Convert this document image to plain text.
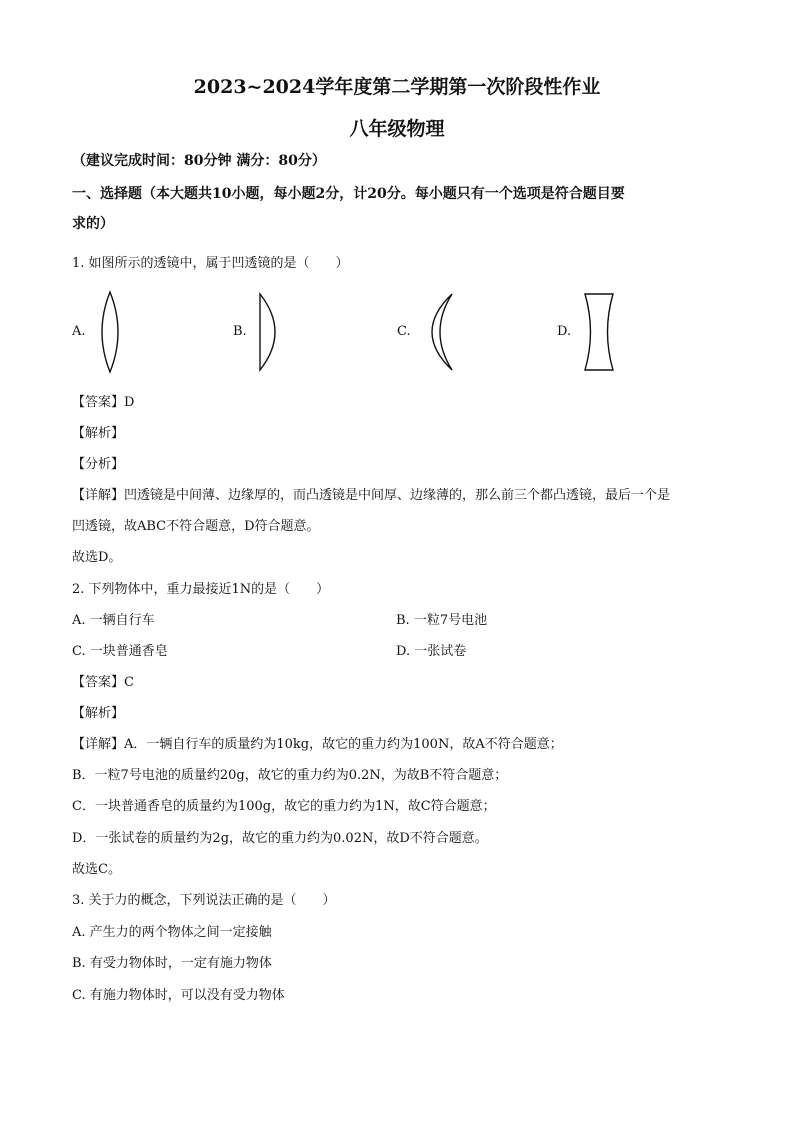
2023~2024学年度第二学期第一次阶段性作业
八年级物理
（建议完成时间：80分钟 满分：80分）
一、选择题（本大题共10小题，每小题2分，计20分。每小题只有一个选项是符合题目要
求的）
1. 如图所示的透镜中，属于凹透镜的是（　　）
A.	B.	C.	D.
【答案】D
【解析】
【分析】
【详解】凹透镜是中间薄、边缘厚的，而凸透镜是中间厚、边缘薄的，那么前三个都凸透镜，最后一个是
凹透镜，故ABC不符合题意，D符合题意。
故选D。
2. 下列物体中，重力最接近1N的是（　　）
A. 一辆自行车	B. 一粒7号电池
C. 一块普通香皂	D. 一张试卷
【答案】C
【解析】
【详解】A．一辆自行车的质量约为10kg，故它的重力约为100N，故A不符合题意；
B．一粒7号电池的质量约20g，故它的重力约为0.2N，为故B不符合题意；
C．一块普通香皂的质量约为100g，故它的重力约为1N，故C符合题意；
D．一张试卷的质量约为2g，故它的重力约为0.02N，故D不符合题意。
故选C。
3. 关于力的概念，下列说法正确的是（　　）
A. 产生力的两个物体之间一定接触
B. 有受力物体时，一定有施力物体
C. 有施力物体时，可以没有受力物体
